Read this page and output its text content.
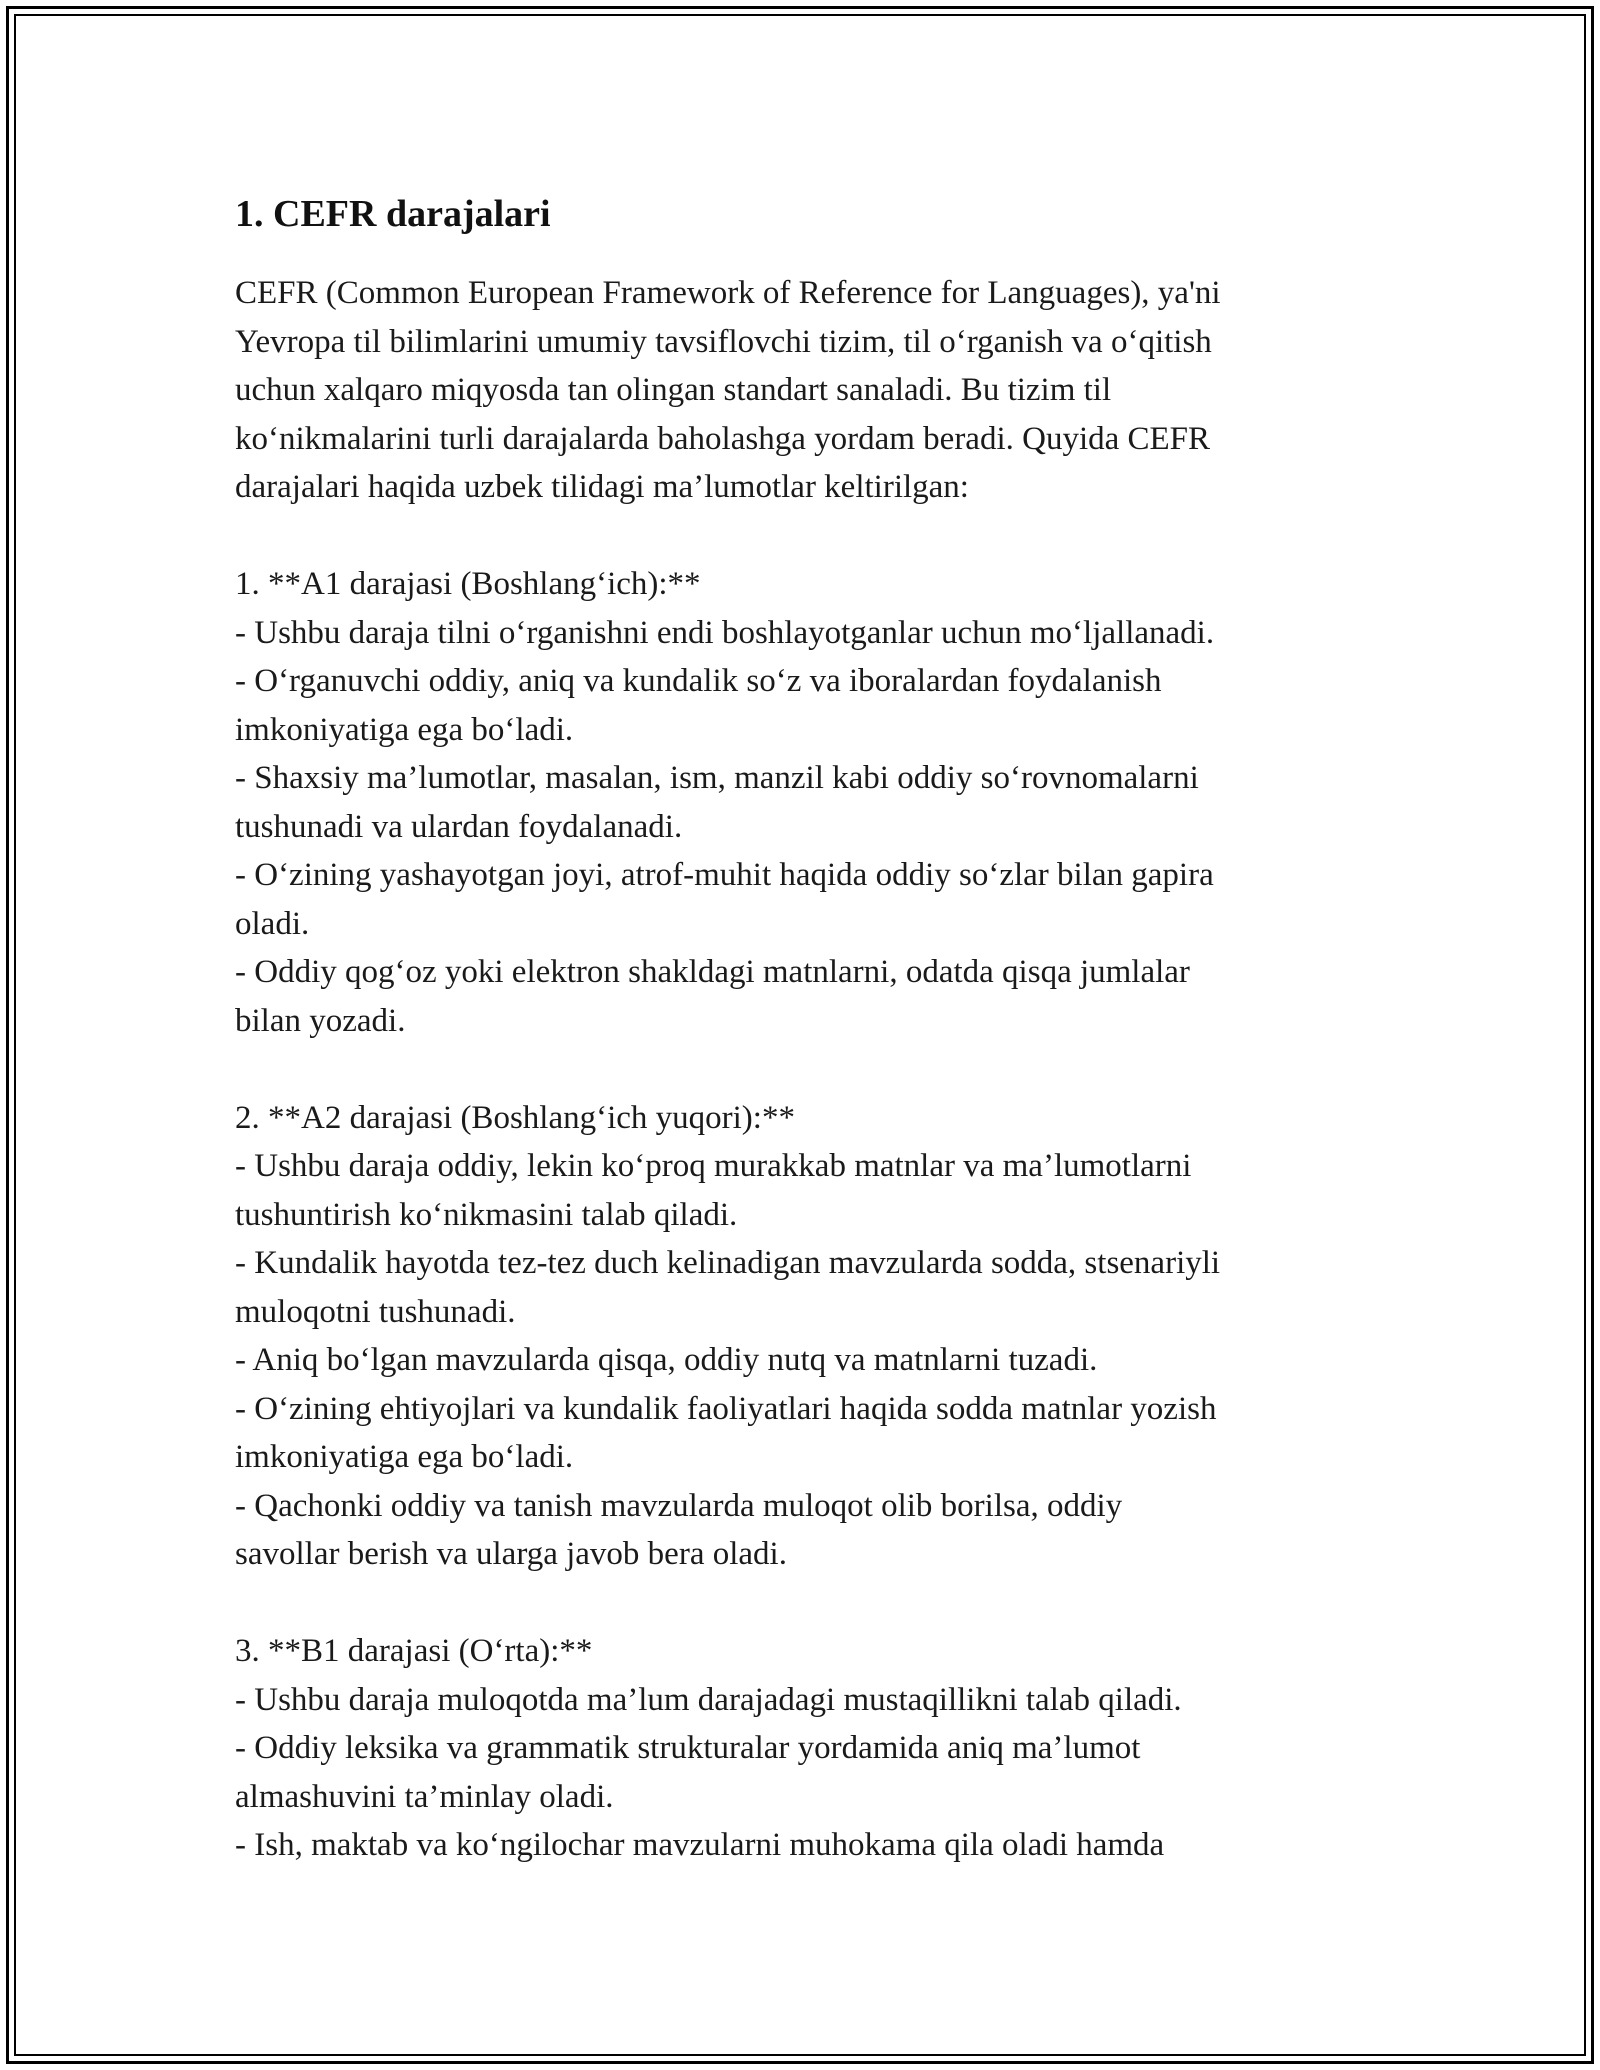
1. CEFR darajalari

CEFR (Common European Framework of Reference for Languages), ya'ni
Yevropa til bilimlarini umumiy tavsiflovchi tizim, til o‘rganish va o‘qitish
uchun xalqaro miqyosda tan olingan standart sanaladi. Bu tizim til
ko‘nikmalarini turli darajalarda baholashga yordam beradi. Quyida CEFR
darajalari haqida uzbek tilidagi ma’lumotlar keltirilgan:

1. **A1 darajasi (Boshlang‘ich):**
- Ushbu daraja tilni o‘rganishni endi boshlayotganlar uchun mo‘ljallanadi.
- O‘rganuvchi oddiy, aniq va kundalik so‘z va iboralardan foydalanish
imkoniyatiga ega bo‘ladi.
- Shaxsiy ma’lumotlar, masalan, ism, manzil kabi oddiy so‘rovnomalarni
tushunadi va ulardan foydalanadi.
- O‘zining yashayotgan joyi, atrof-muhit haqida oddiy so‘zlar bilan gapira
oladi.
- Oddiy qog‘oz yoki elektron shakldagi matnlarni, odatda qisqa jumlalar
bilan yozadi.

2. **A2 darajasi (Boshlang‘ich yuqori):**
- Ushbu daraja oddiy, lekin ko‘proq murakkab matnlar va ma’lumotlarni
tushuntirish ko‘nikmasini talab qiladi.
- Kundalik hayotda tez-tez duch kelinadigan mavzularda sodda, stsenariyli
muloqotni tushunadi.
- Aniq bo‘lgan mavzularda qisqa, oddiy nutq va matnlarni tuzadi.
- O‘zining ehtiyojlari va kundalik faoliyatlari haqida sodda matnlar yozish
imkoniyatiga ega bo‘ladi.
- Qachonki oddiy va tanish mavzularda muloqot olib borilsa, oddiy
savollar berish va ularga javob bera oladi.

3. **B1 darajasi (O‘rta):**
- Ushbu daraja muloqotda ma’lum darajadagi mustaqillikni talab qiladi.
- Oddiy leksika va grammatik strukturalar yordamida aniq ma’lumot
almashuvini ta’minlay oladi.
- Ish, maktab va ko‘ngilochar mavzularni muhokama qila oladi hamda
